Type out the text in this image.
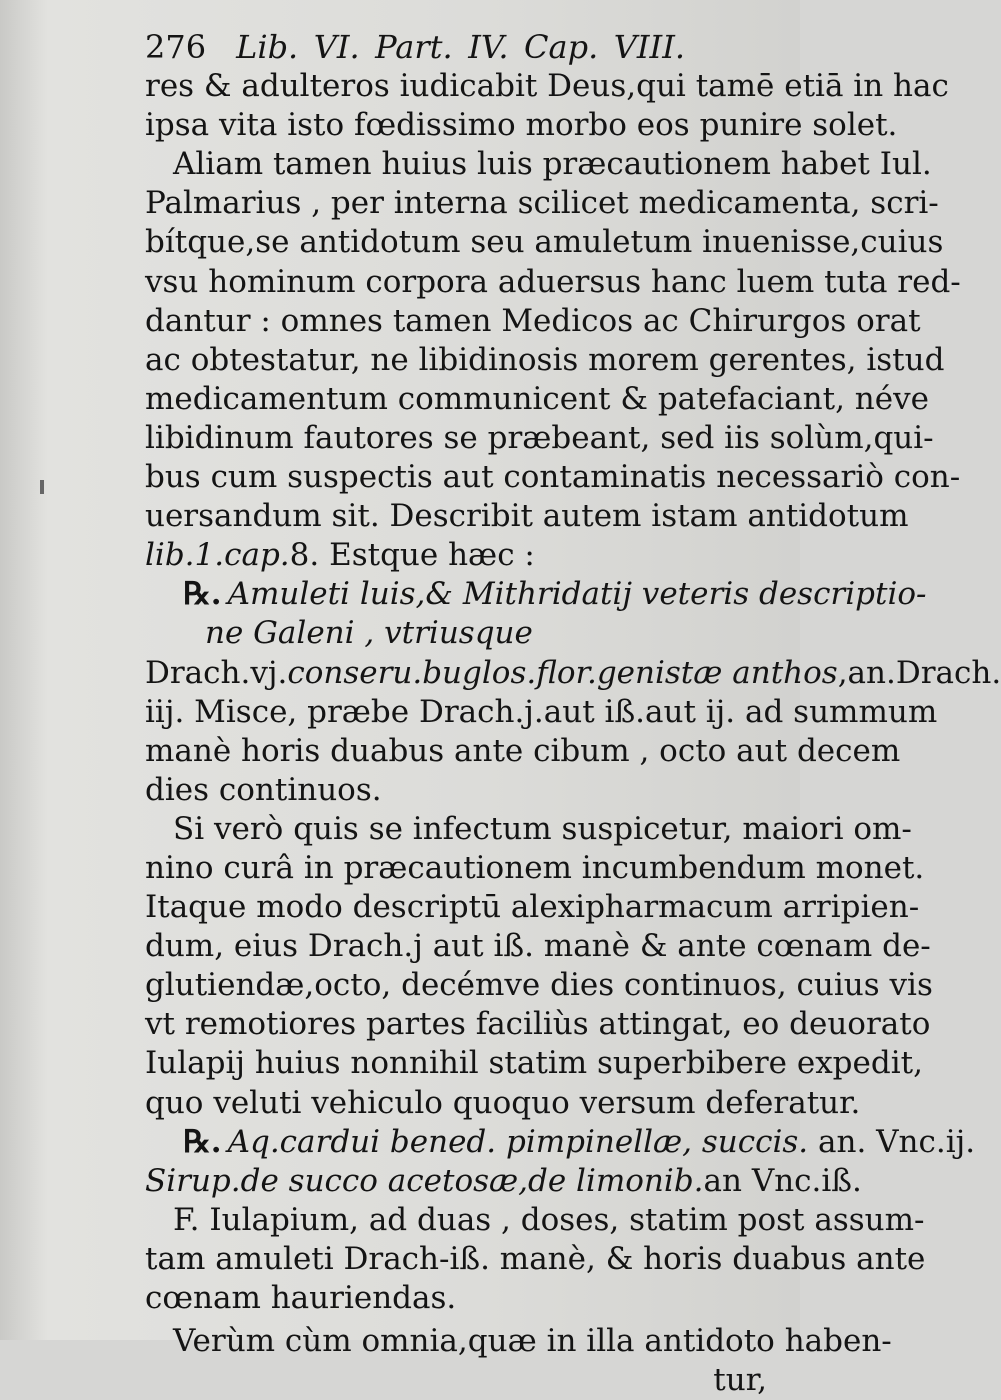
276 Lib. VI. Part. IV. Cap. VIII.
res & adulteros iudicabit Deus,qui tamē etiā in hac
ipsa vita isto fœdissimo morbo eos punire solet.
Aliam tamen huius luis præcautionem habet Iul.
Palmarius , per interna scilicet medicamenta, scri-
bítque,se antidotum seu amuletum inuenisse,cuius
vsu hominum corpora aduersus hanc luem tuta red-
dantur : omnes tamen Medicos ac Chirurgos orat
ac obtestatur, ne libidinosis morem gerentes, istud
medicamentum communicent & patefaciant, néve
libidinum fautores se præbeant, sed iis solùm,qui-
bus cum suspectis aut contaminatis necessariò con-
uersandum sit. Describit autem istam antidotum
lib.1.cap.8. Estque hæc :
℞. Amuleti luis,& Mithridatij veteris descriptio-
ne Galeni , vtriusque
Drach.vj.conseru.buglos.flor.genistæ anthos,an.Drach.
iij. Misce, præbe Drach.j.aut iß.aut ij. ad summum
manè horis duabus ante cibum , octo aut decem
dies continuos.
Si verò quis se infectum suspicetur, maiori om-
nino curâ in præcautionem incumbendum monet.
Itaque modo descriptū alexipharmacum arripien-
dum, eius Drach.j aut iß. manè & ante cœnam de-
glutiendæ,octo, decémve dies continuos, cuius vis
vt remotiores partes faciliùs attingat, eo deuorato
Iulapij huius nonnihil statim superbibere expedit,
quo veluti vehiculo quoquo versum deferatur.
℞. Aq.cardui bened. pimpinellæ, succis. an. Vnc.ij.
Sirup.de succo acetosæ,de limonib.an Vnc.iß.
F. Iulapium, ad duas , doses, statim post assum-
tam amuleti Drach-iß. manè, & horis duabus ante
cœnam hauriendas.
Verùm cùm omnia,quæ in illa antidoto haben-
tur,
